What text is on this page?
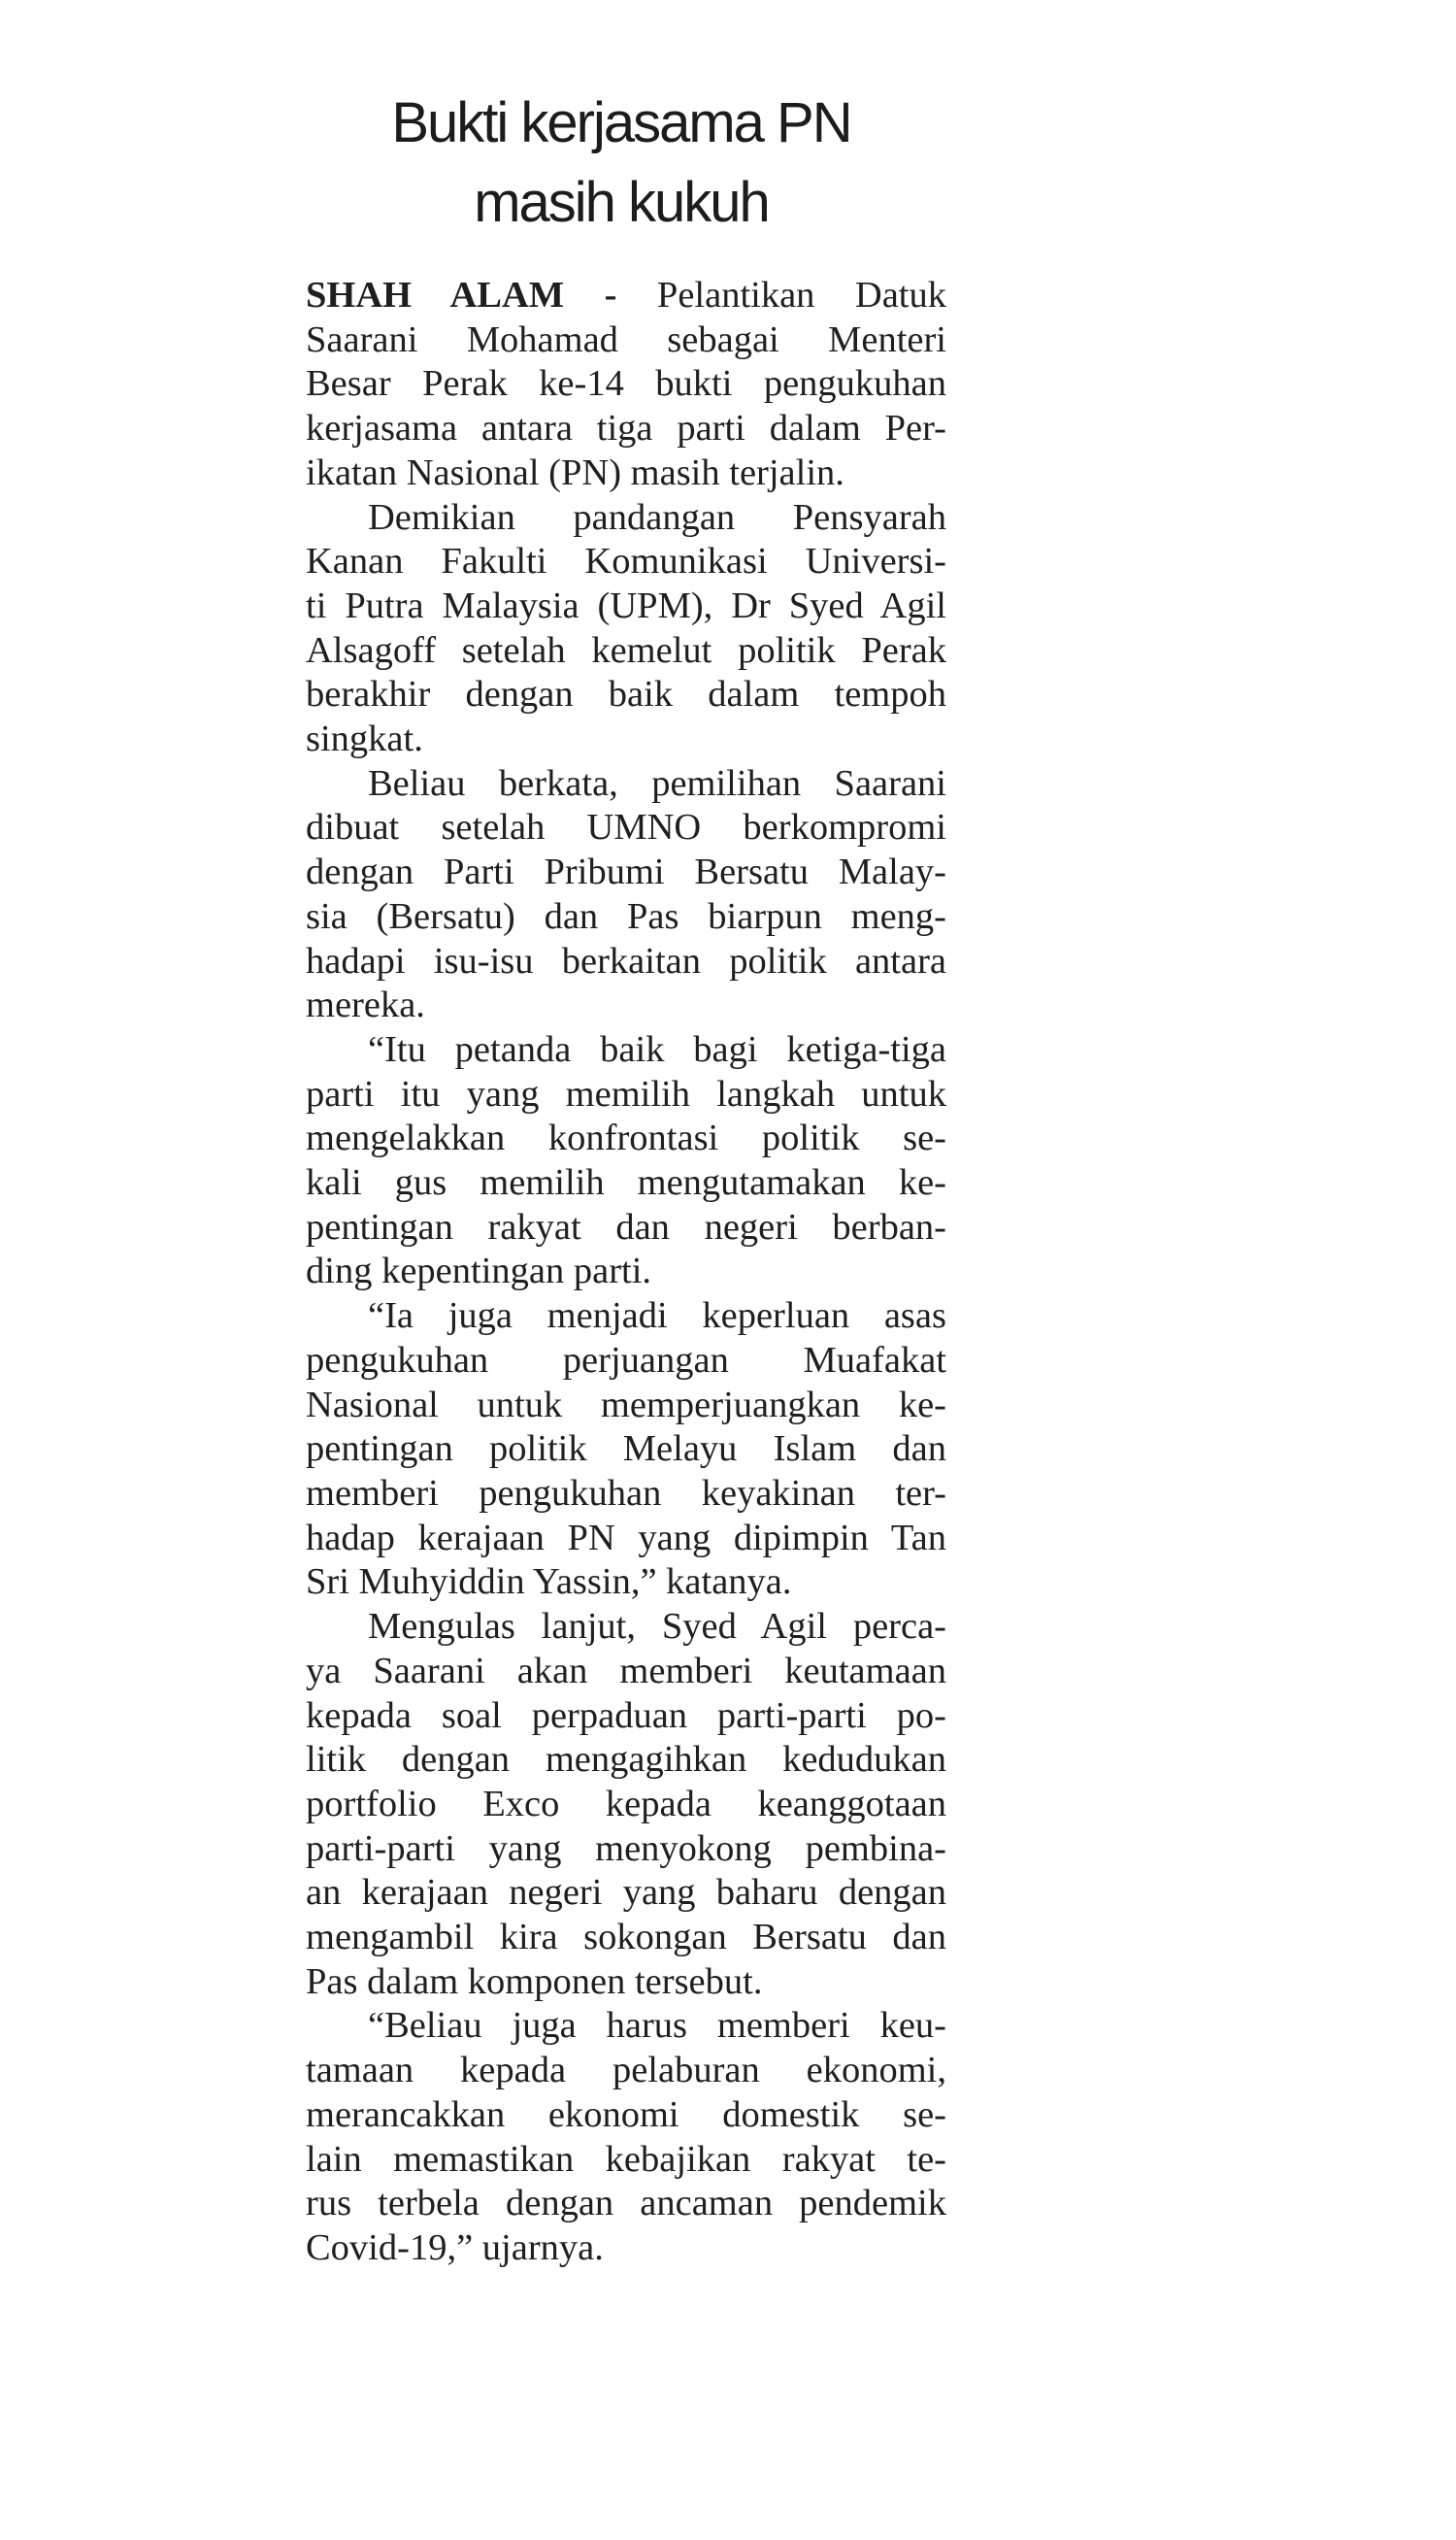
Bukti kerjasama PN
masih kukuh
SHAH ALAM - Pelantikan Datuk
Saarani Mohamad sebagai Menteri
Besar Perak ke-14 bukti pengukuhan
kerjasama antara tiga parti dalam Per-
ikatan Nasional (PN) masih terjalin.
Demikian pandangan Pensyarah
Kanan Fakulti Komunikasi Universi-
ti Putra Malaysia (UPM), Dr Syed Agil
Alsagoff setelah kemelut politik Perak
berakhir dengan baik dalam tempoh
singkat.
Beliau berkata, pemilihan Saarani
dibuat setelah UMNO berkompromi
dengan Parti Pribumi Bersatu Malay-
sia (Bersatu) dan Pas biarpun meng-
hadapi isu-isu berkaitan politik antara
mereka.
“Itu petanda baik bagi ketiga-tiga
parti itu yang memilih langkah untuk
mengelakkan konfrontasi politik se-
kali gus memilih mengutamakan ke-
pentingan rakyat dan negeri berban-
ding kepentingan parti.
“Ia juga menjadi keperluan asas
pengukuhan perjuangan Muafakat
Nasional untuk memperjuangkan ke-
pentingan politik Melayu Islam dan
memberi pengukuhan keyakinan ter-
hadap kerajaan PN yang dipimpin Tan
Sri Muhyiddin Yassin,” katanya.
Mengulas lanjut, Syed Agil perca-
ya Saarani akan memberi keutamaan
kepada soal perpaduan parti-parti po-
litik dengan mengagihkan kedudukan
portfolio Exco kepada keanggotaan
parti-parti yang menyokong pembina-
an kerajaan negeri yang baharu dengan
mengambil kira sokongan Bersatu dan
Pas dalam komponen tersebut.
“Beliau juga harus memberi keu-
tamaan kepada pelaburan ekonomi,
merancakkan ekonomi domestik se-
lain memastikan kebajikan rakyat te-
rus terbela dengan ancaman pendemik
Covid-19,” ujarnya.
